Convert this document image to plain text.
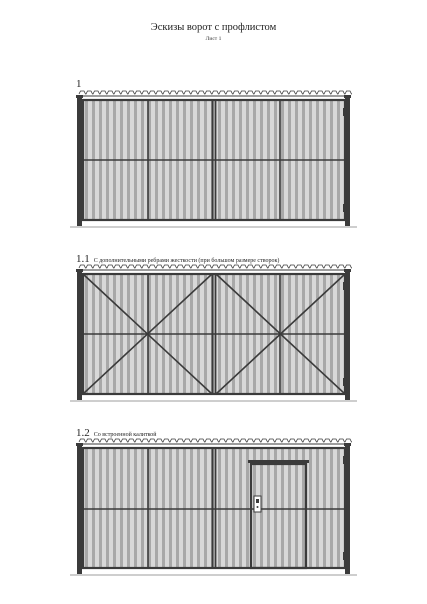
Эскизы ворот с профлистом
Лист 1
1
1.1 С дополнительными ребрами жесткости (при большом размере створок)
1.2 Со встроенной калиткой
